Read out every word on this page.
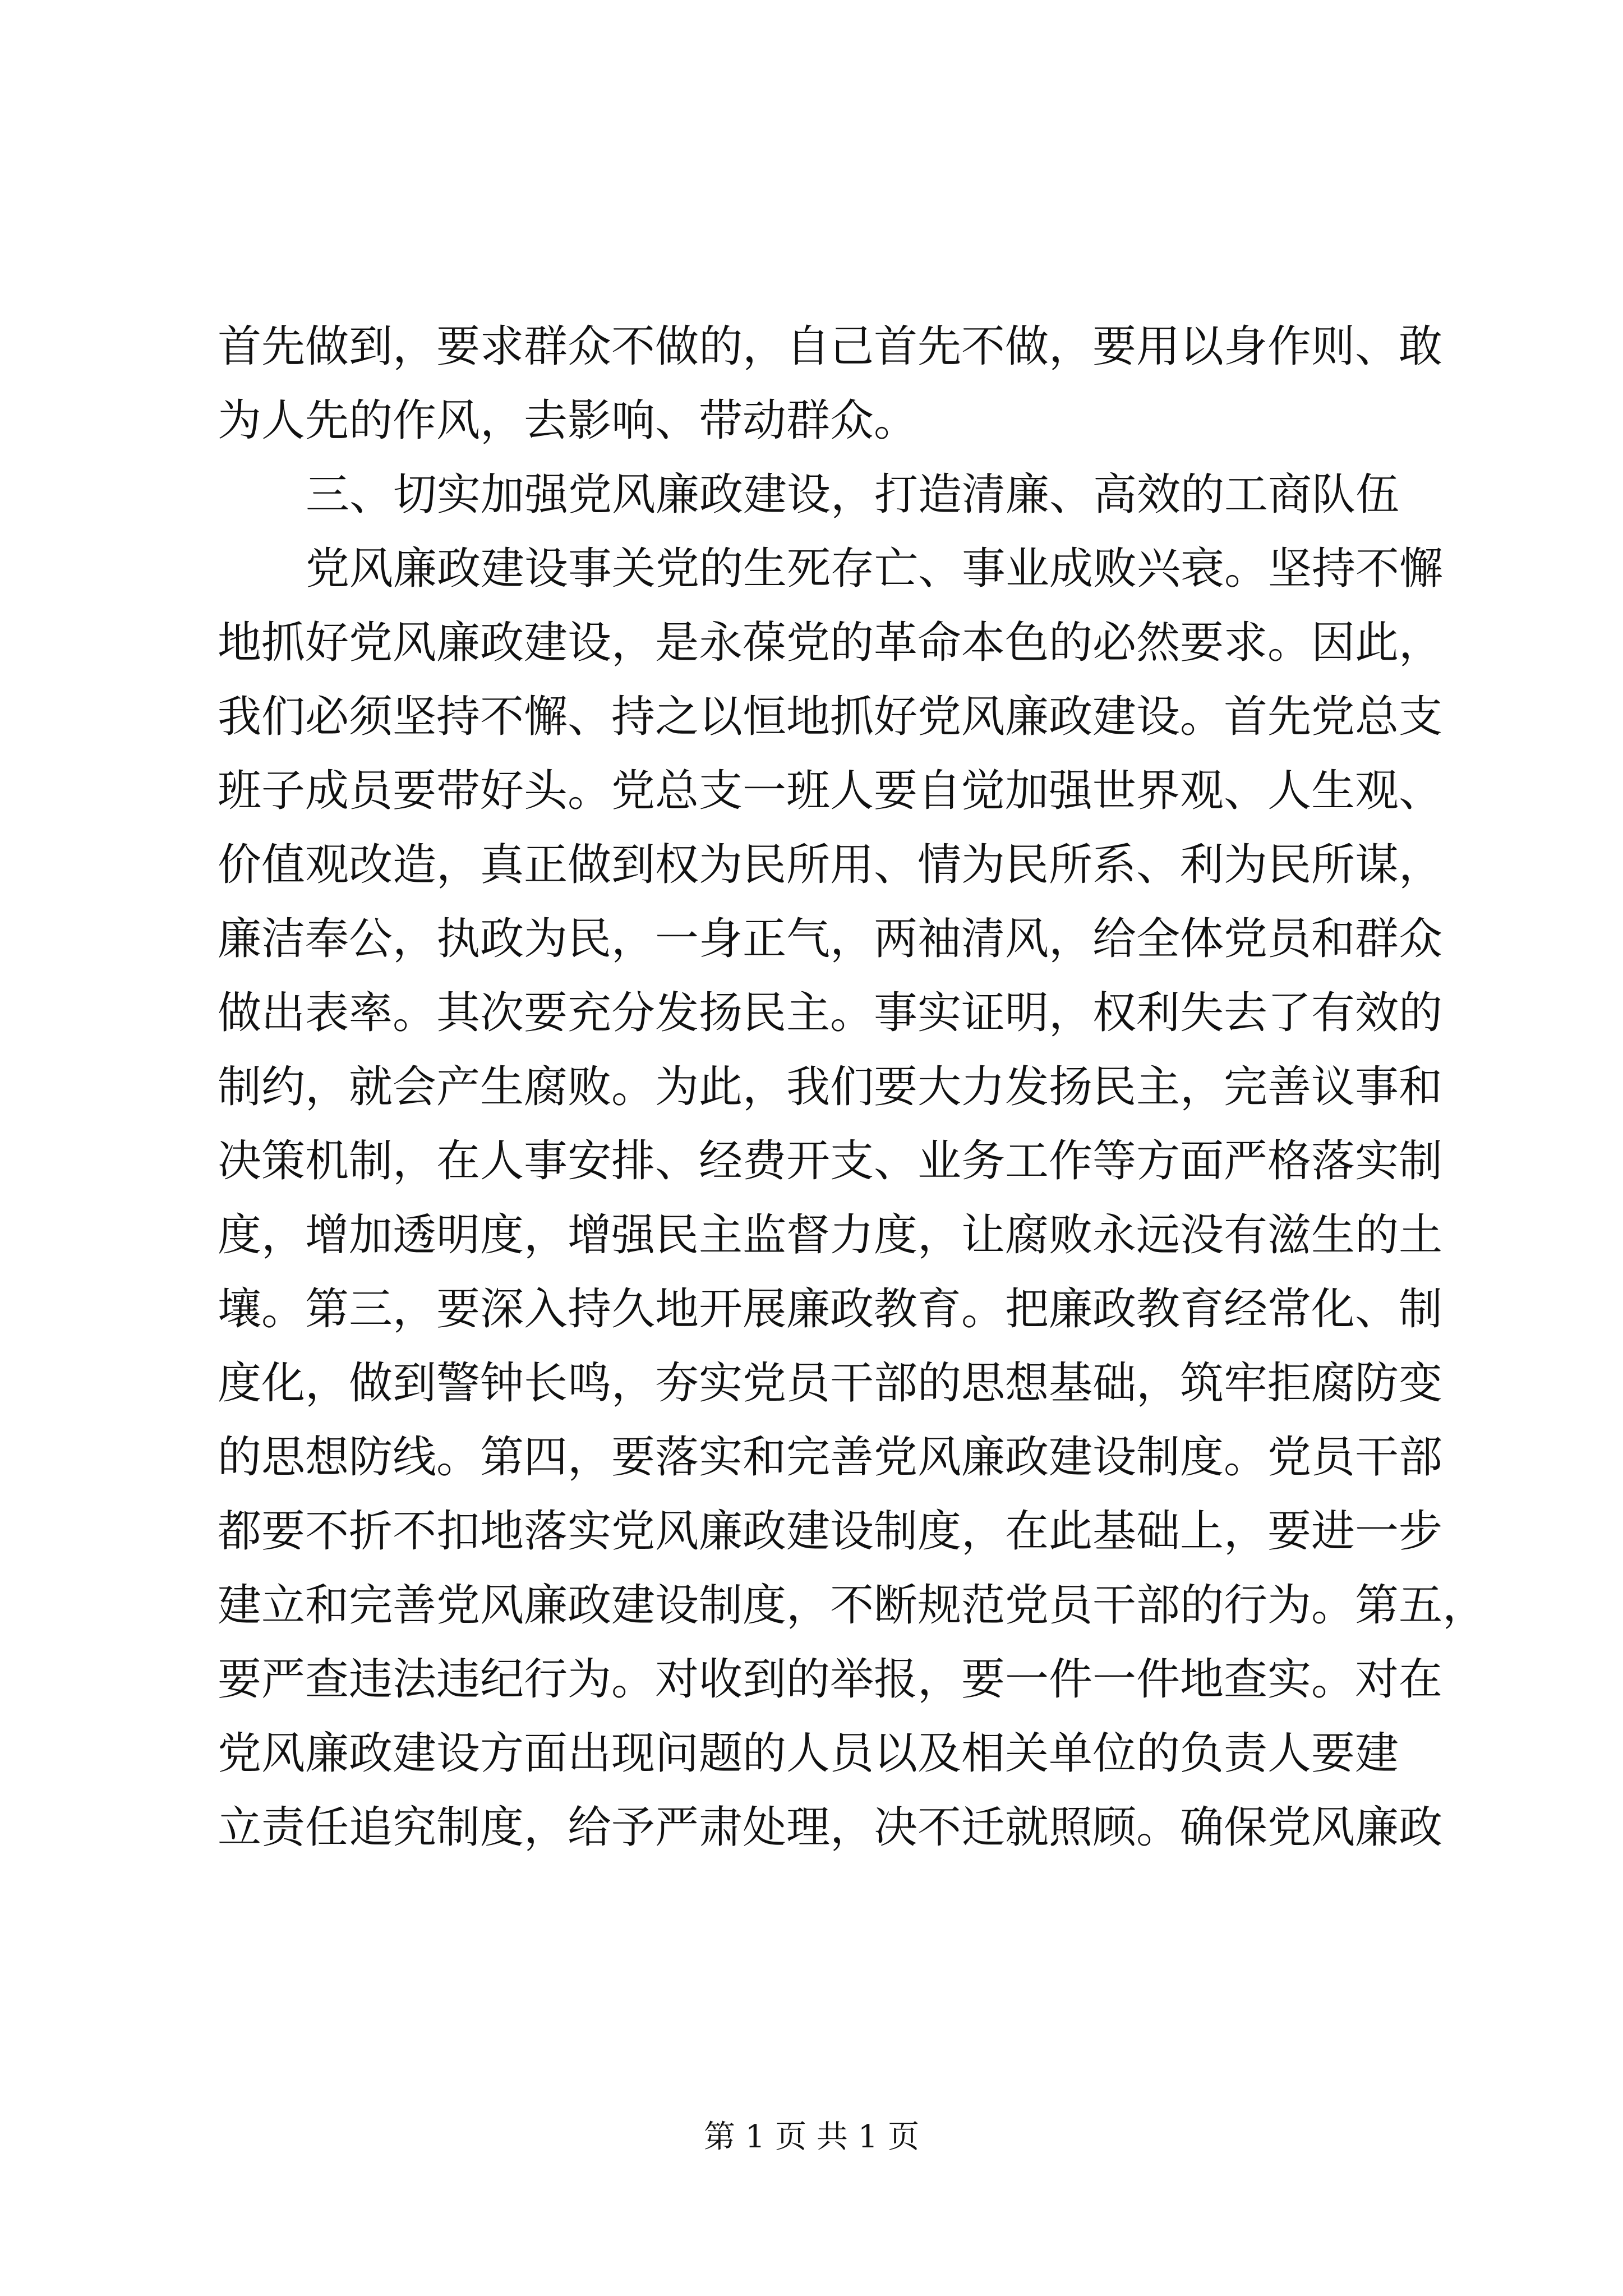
首先做到，要求群众不做的，自己首先不做，要用以身作则、敢
为人先的作风，去影响、带动群众。
三、切实加强党风廉政建设，打造清廉、高效的工商队伍
党风廉政建设事关党的生死存亡、事业成败兴衰。坚持不懈
地抓好党风廉政建设，是永葆党的革命本色的必然要求。因此，
我们必须坚持不懈、持之以恒地抓好党风廉政建设。首先党总支
班子成员要带好头。党总支一班人要自觉加强世界观、人生观、
价值观改造，真正做到权为民所用、情为民所系、利为民所谋，
廉洁奉公，执政为民，一身正气，两袖清风，给全体党员和群众
做出表率。其次要充分发扬民主。事实证明，权利失去了有效的
制约，就会产生腐败。为此，我们要大力发扬民主，完善议事和
决策机制，在人事安排、经费开支、业务工作等方面严格落实制
度，增加透明度，增强民主监督力度，让腐败永远没有滋生的土
壤。第三，要深入持久地开展廉政教育。把廉政教育经常化、制
度化，做到警钟长鸣，夯实党员干部的思想基础，筑牢拒腐防变
的思想防线。第四，要落实和完善党风廉政建设制度。党员干部
都要不折不扣地落实党风廉政建设制度，在此基础上，要进一步
建立和完善党风廉政建设制度，不断规范党员干部的行为。第五，
要严查违法违纪行为。对收到的举报，要一件一件地查实。对在
党风廉政建设方面出现问题的人员以及相关单位的负责人要建
立责任追究制度，给予严肃处理，决不迁就照顾。确保党风廉政
第 1 页 共 1 页
